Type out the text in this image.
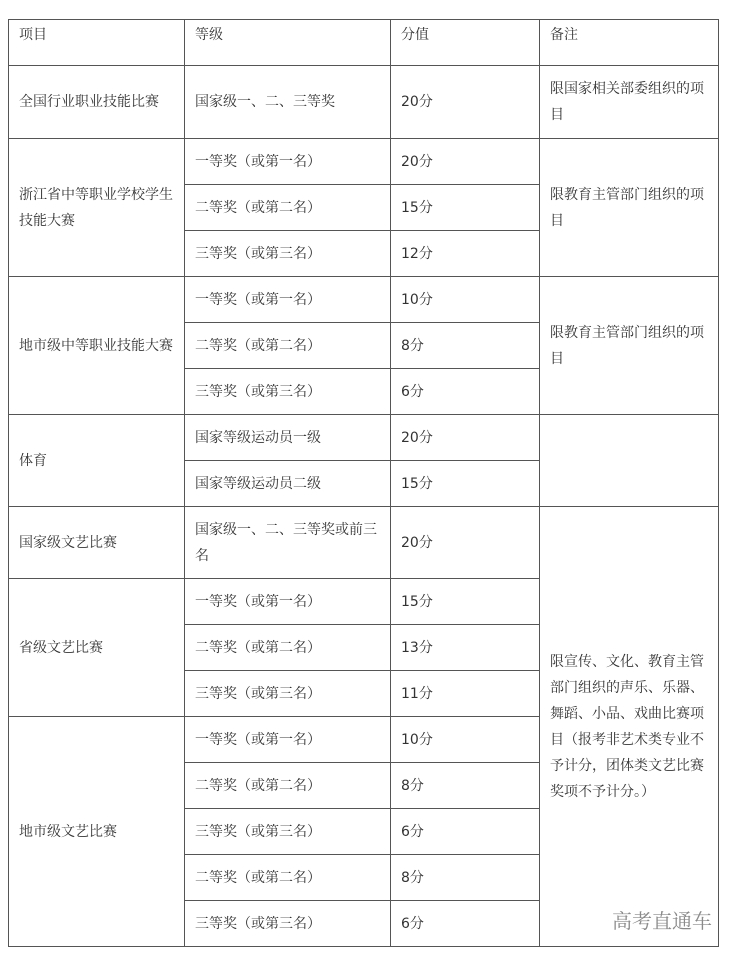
项目	等级	分值	备注
全国行业职业技能比赛	国家级一、二、三等奖	20分	限国家相关部委组织的项目
浙江省中等职业学校学生技能大赛	一等奖（或第一名）	20分	限教育主管部门组织的项目
	二等奖（或第二名）	15分	
	三等奖（或第三名）	12分	
地市级中等职业技能大赛	一等奖（或第一名）	10分	限教育主管部门组织的项目
	二等奖（或第二名）	8分	
	三等奖（或第三名）	6分	
体育	国家等级运动员一级	20分	
	国家等级运动员二级	15分	
国家级文艺比赛	国家级一、二、三等奖或前三名	20分	限宣传、文化、教育主管部门组织的声乐、乐器、舞蹈、小品、戏曲比赛项目（报考非艺术类专业不予计分，团体类文艺比赛奖项不予计分。）
省级文艺比赛	一等奖（或第一名）	15分	
	二等奖（或第二名）	13分	
	三等奖（或第三名）	11分	
地市级文艺比赛	一等奖（或第一名）	10分	
	二等奖（或第二名）	8分	
	三等奖（或第三名）	6分	
	二等奖（或第二名）	8分	
	三等奖（或第三名）	6分		高考直通车
